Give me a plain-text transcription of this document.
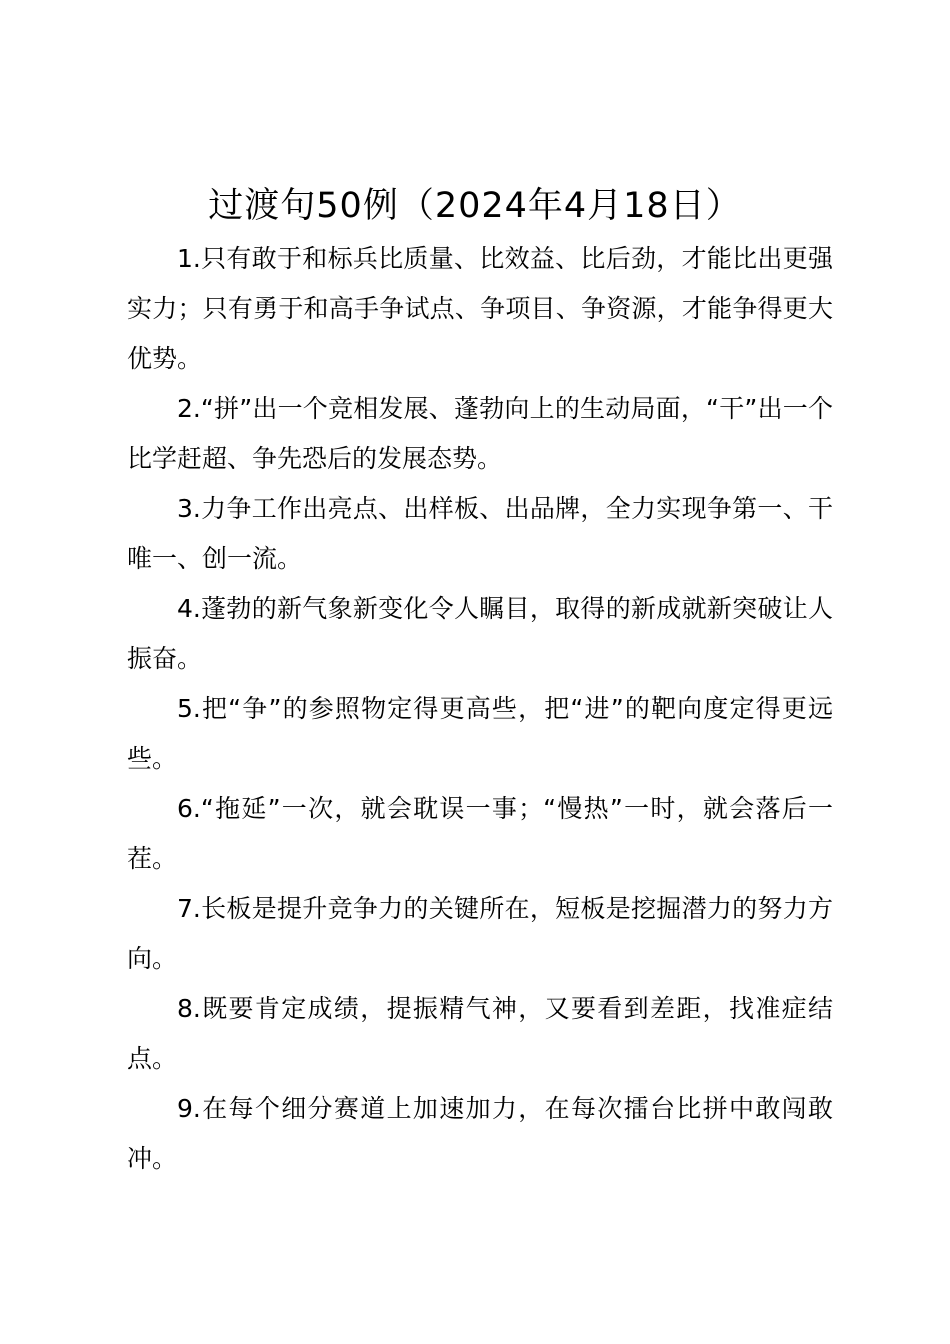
过渡句50例（2024年4月18日）

1.只有敢于和标兵比质量、比效益、比后劲，才能比出更强实力；只有勇于和高手争试点、争项目、争资源，才能争得更大优势。

2.“拼”出一个竞相发展、蓬勃向上的生动局面，“干”出一个比学赶超、争先恐后的发展态势。

3.力争工作出亮点、出样板、出品牌，全力实现争第一、干唯一、创一流。

4.蓬勃的新气象新变化令人瞩目，取得的新成就新突破让人振奋。

5.把“争”的参照物定得更高些，把“进”的靶向度定得更远些。

6.“拖延”一次，就会耽误一事；“慢热”一时，就会落后一茬。

7.长板是提升竞争力的关键所在，短板是挖掘潜力的努力方向。

8.既要肯定成绩，提振精气神，又要看到差距，找准症结点。

9.在每个细分赛道上加速加力，在每次擂台比拼中敢闯敢冲。
